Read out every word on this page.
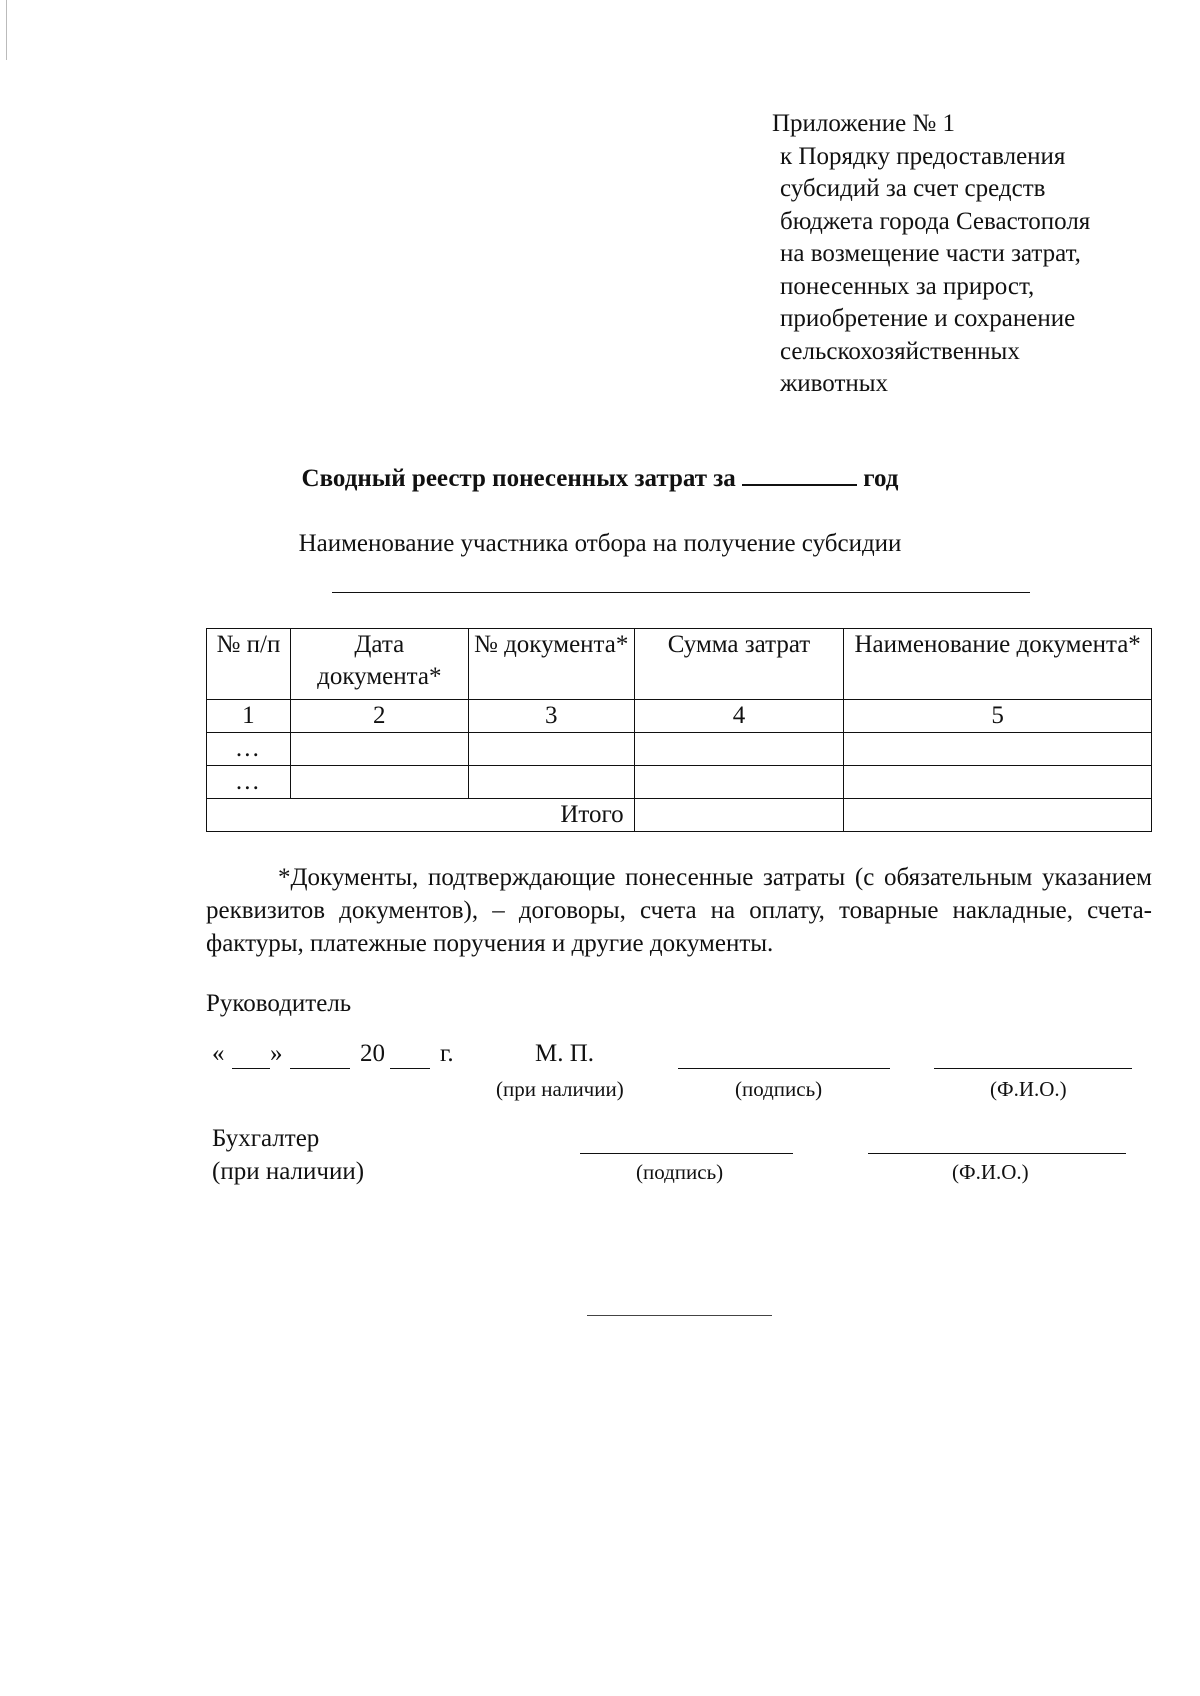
Приложение № 1
к Порядку предоставления
субсидий за счет средств
бюджета города Севастополя
на возмещение части затрат,
понесенных за прирост,
приобретение и сохранение
сельскохозяйственных
животных
Сводный реестр понесенных затрат за	год
Наименование участника отбора на получение субсидии
№ п/п	Дата документа*	№ документа*	Сумма затрат	Наименование документа*
1	2	3	4	5
…				
…				
Итого				
*Документы, подтверждающие понесенные затраты (с обязательным указанием реквизитов документов), – договоры, счета на оплату, товарные накладные, счета-фактуры, платежные поручения и другие документы.
Руководитель
« »	20 г.	М. П.
(при наличии)	(подпись)	(Ф.И.О.)
Бухгалтер
(при наличии)	(подпись)	(Ф.И.О.)
